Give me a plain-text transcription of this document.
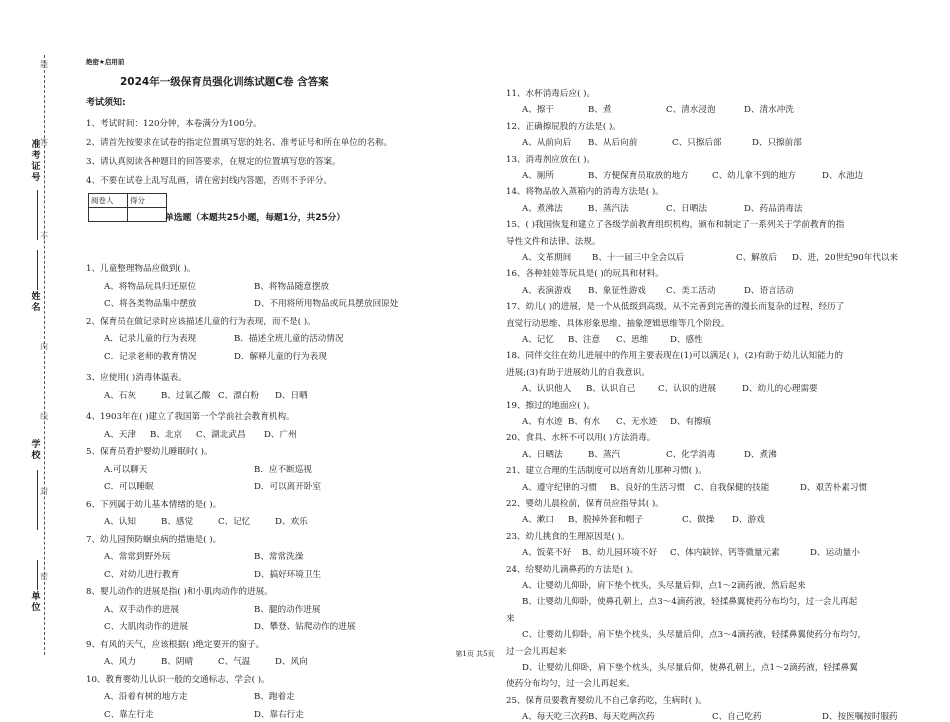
题
答
不
内
线
封
密
准考证号
姓名
学校
单位
绝密★启用前
2024年一级保育员强化训练试题C卷 含答案
考试须知:
1、考试时间：120分钟，本卷满分为100分。
2、请首先按要求在试卷的指定位置填写您的姓名、准考证号和所在单位的名称。
3、请认真阅读各种题目的回答要求，在规定的位置填写您的答案。
4、不要在试卷上乱写乱画，请在密封线内答题，否则不予评分。
阅卷人	得分

单选题（本题共25小题，每题1分，共25分）
1、儿童整理物品应做到( )。
A、将物品玩具归还原位	B、将物品随意摆放
C、将各类物品集中摆放	D、不用将所用物品或玩具摆放回原处
2、保育员在做记录时应该描述儿童的行为表现，而不是( )。
A．记录儿童的行为表现	B．描述全班儿童的活动情况
C．记录老师的教育情况	D．解释儿童的行为表现
3、应使用( )消毒体温表。
A、石灰	B、过氧乙酸 C、漂白粉 D、日晒
4、1903年在( )建立了我国第一个学前社会教育机构。
A、天津 B、北京 C、湖北武昌 D、广州
5、保育员看护婴幼儿睡眠时( )。
A.可以聊天	B．应不断巡视
C．可以睡眠	D．可以离开卧室
6、下列属于幼儿基本情绪的是( )。
A、认知	B、感觉	C、记忆	D、欢乐
7、幼儿园预防蛔虫病的措施是( )。
A、常常到野外玩	B、常常洗澡
C、对幼儿进行教育	D、搞好环境卫生
8、婴儿动作的进展是指( )和小肌肉动作的进展。
A、双手动作的进展	B、腿的动作进展
C、大肌肉动作的进展	D、攀登、钻爬动作的进展
9、有风的天气，应该根据( )绝定要开的窗子。
A、风力	B、阴晴	C、气温	D、风向
10、教育婴幼儿认识一般的交通标志，学会( )。
A、沿着有树的地方走	B、跑着走
C、靠左行走	D、靠右行走
11、水杯消毒后应( )。
A、擦干	B、煮	C、清水浸泡	D、清水冲洗
12、正确擦屁股的方法是( )。
A、从前向后 B、从后向前	C、只擦后部	D、只擦前部
13、消毒剂应放在( )。
A、厕所	B、方便保育员取放的地方	C、幼儿拿不到的地方	D、水池边
14、将物品放入蒸箱内的消毒方法是( )。
A、煮沸法	B、蒸汽法	C、日晒法	D、药品消毒法
15、( )我国恢复和建立了各级学前教育组织机构，颁布和制定了一系列关于学前教育的指
导性文件和法律、法规。
A、文革期间 B、十一届三中全会以后	C、解放后 D、进，20世纪90年代以来
16、各种娃娃等玩具是( )的玩具和材料。
A、表演游戏 B、象征性游戏 C、美工活动	D、语言活动
17、幼儿( )的进展，是一个从低级到高级，从不完善到完善的漫长而复杂的过程，经历了
直觉行动思维、具体形象思维、抽象逻辑思维等几个阶段。
A、记忆 B、注意 C、思维	D、感性
18、同伴交往在幼儿进展中的作用主要表现在(1)可以满足( )，(2)有助于幼儿认知能力的
进展;(3)有助于进展幼儿的自我意识。
A、认识他人 B、认识自己	C、认识的进展	D、幼儿的心理需要
19、擦过的地面应( )。
A、有水迹 B、有水 C、无水迹 D、有擦痕
20、食具、水杯不可以用( )方法消毒。
A、日晒法	B、蒸汽	C、化学消毒	D、煮沸
21、建立合理的生活制度可以培育幼儿那种习惯( )。
A、遵守纪律的习惯 B、良好的生活习惯 C、自我保健的技能	D、艰苦朴素习惯
22、婴幼儿晨检前，保育员应指导其( )。
A、漱口 B、脱掉外套和帽子	C、做操 D、游戏
23、幼儿挑食的生理原因是( )。
A、饭菜不好 B、幼儿园环境不好 C、体内缺锌、钙等微量元素	D、运动量小
24、给婴幼儿滴鼻药的方法是( )。
A、让婴幼儿仰卧，肩下垫个枕头，头尽量后仰，点1～2滴药液，然后起来
B、让婴幼儿仰卧，使鼻孔朝上，点3～4滴药液，轻揉鼻翼使药分布均匀，过一会儿再起
来
C、让婴幼儿仰卧，肩下垫个枕头，头尽量后仰，点3～4滴药液，轻揉鼻翼使药分布均匀，
过一会儿再起来
D、让婴幼儿仰卧，肩下垫个枕头，头尽量后仰，使鼻孔朝上，点1～2滴药液，轻揉鼻翼
使药分布均匀，过一会儿再起来。
25、保育员要教育婴幼儿不自己拿药吃，生病时( )。
A、每天吃三次药 B、每天吃两次药	C、自己吃药	D、按医嘱按时服药
第1页 共5页
